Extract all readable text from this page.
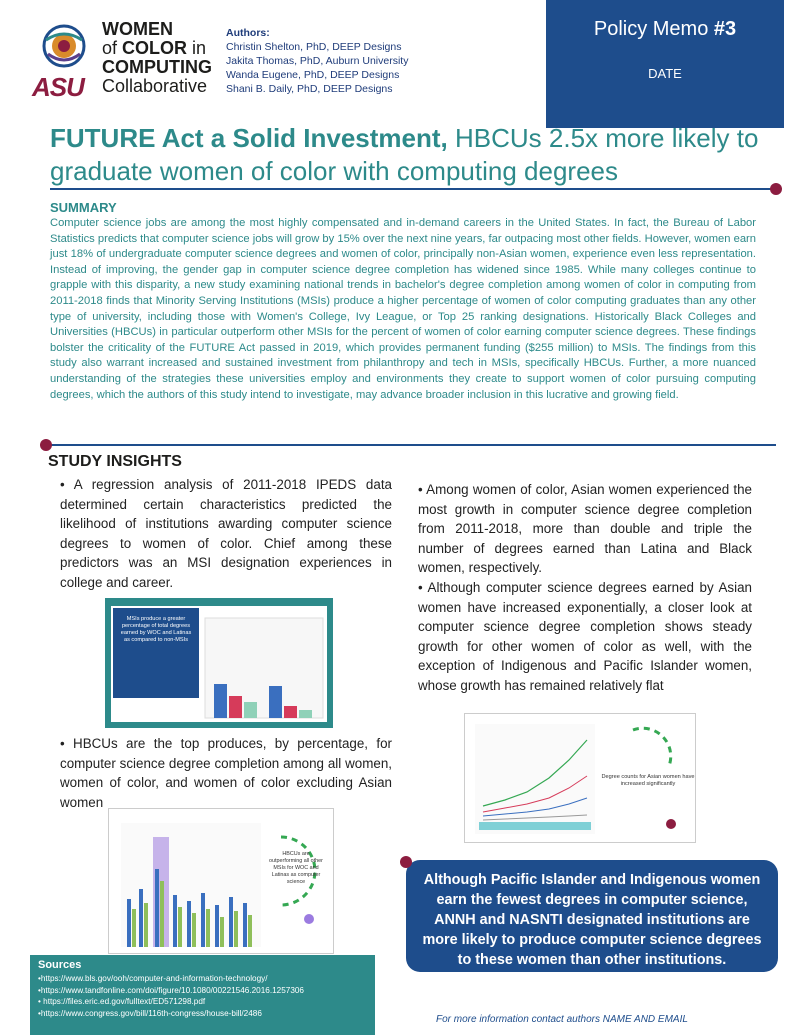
ASU
WOMEN
of COLOR in
COMPUTING
Collaborative
Authors:
Christin Shelton, PhD, DEEP Designs
Jakita Thomas, PhD, Auburn University
Wanda Eugene, PhD, DEEP Designs
Shani B. Daily, PhD, DEEP Designs
Policy Memo #3
DATE
FUTURE Act a Solid Investment, HBCUs 2.5x more likely to graduate women of color with computing degrees
SUMMARY
Computer science jobs are among the most highly compensated and in-demand careers in the United States. In fact, the Bureau of Labor Statistics predicts that computer science jobs will grow by 15% over the next nine years, far outpacing most other fields. However, women earn just 18% of undergraduate computer science degrees and women of color, principally non-Asian women, experience even less representation. Instead of improving, the gender gap in computer science degree completion has widened since 1985. While many colleges continue to grapple with this disparity, a new study examining national trends in bachelor's degree completion among women of color in computing from 2011-2018 finds that Minority Serving Institutions (MSIs) produce a higher percentage of women of color computing graduates than any other type of university, including those with Women's College, Ivy League, or Top 25 ranking designations. Historically Black Colleges and Universities (HBCUs) in particular outperform other MSIs for the percent of women of color earning computer science degrees. These findings bolster the criticality of the FUTURE Act passed in 2019, which provides permanent funding ($255 million) to MSIs. The findings from this study also warrant increased and sustained investment from philanthropy and tech in MSIs, specifically HBCUs. Further, a more nuanced understanding of the strategies these universities employ and environments they create to support women of color pursuing computing degrees, which the authors of this study intend to investigate, may advance broader inclusion in this lucrative and growing field.
STUDY INSIGHTS
• A regression analysis of 2011-2018 IPEDS data determined certain characteristics predicted the likelihood of institutions awarding computer science degrees to women of color. Chief among these predictors was an MSI designation experiences in college and career.
• HBCUs are the top produces, by percentage, for computer science degree completion among all women, women of color, and women of color excluding Asian women
• Among women of color, Asian women experienced the most growth in computer science degree completion from 2011-2018, more than double and triple the number of degrees earned than Latina and Black women, respectively.
• Although computer science degrees earned by Asian women have increased exponentially, a closer look at computer science degree completion shows steady growth for other women of color as well, with the exception of Indigenous and Pacific Islander women, whose growth has remained relatively flat
MSIs produce a greater percentage of total degrees earned by WOC and Latinas as compared to non-MSIs
HBCUs are outperforming all other MSIs for WOC and Latinas as computer science
Degree counts for Asian women have increased significantly
Although Pacific Islander and Indigenous women earn the fewest degrees in computer science, ANNH and NASNTI designated institutions are more likely to produce computer science degrees to these women than other institutions.
Sources
•https://www.bls.gov/ooh/computer-and-information-technology/
•https://www.tandfonline.com/doi/figure/10.1080/00221546.2016.1257306
• https://files.eric.ed.gov/fulltext/ED571298.pdf
•https://www.congress.gov/bill/116th-congress/house-bill/2486
For more information contact authors NAME AND EMAIL
